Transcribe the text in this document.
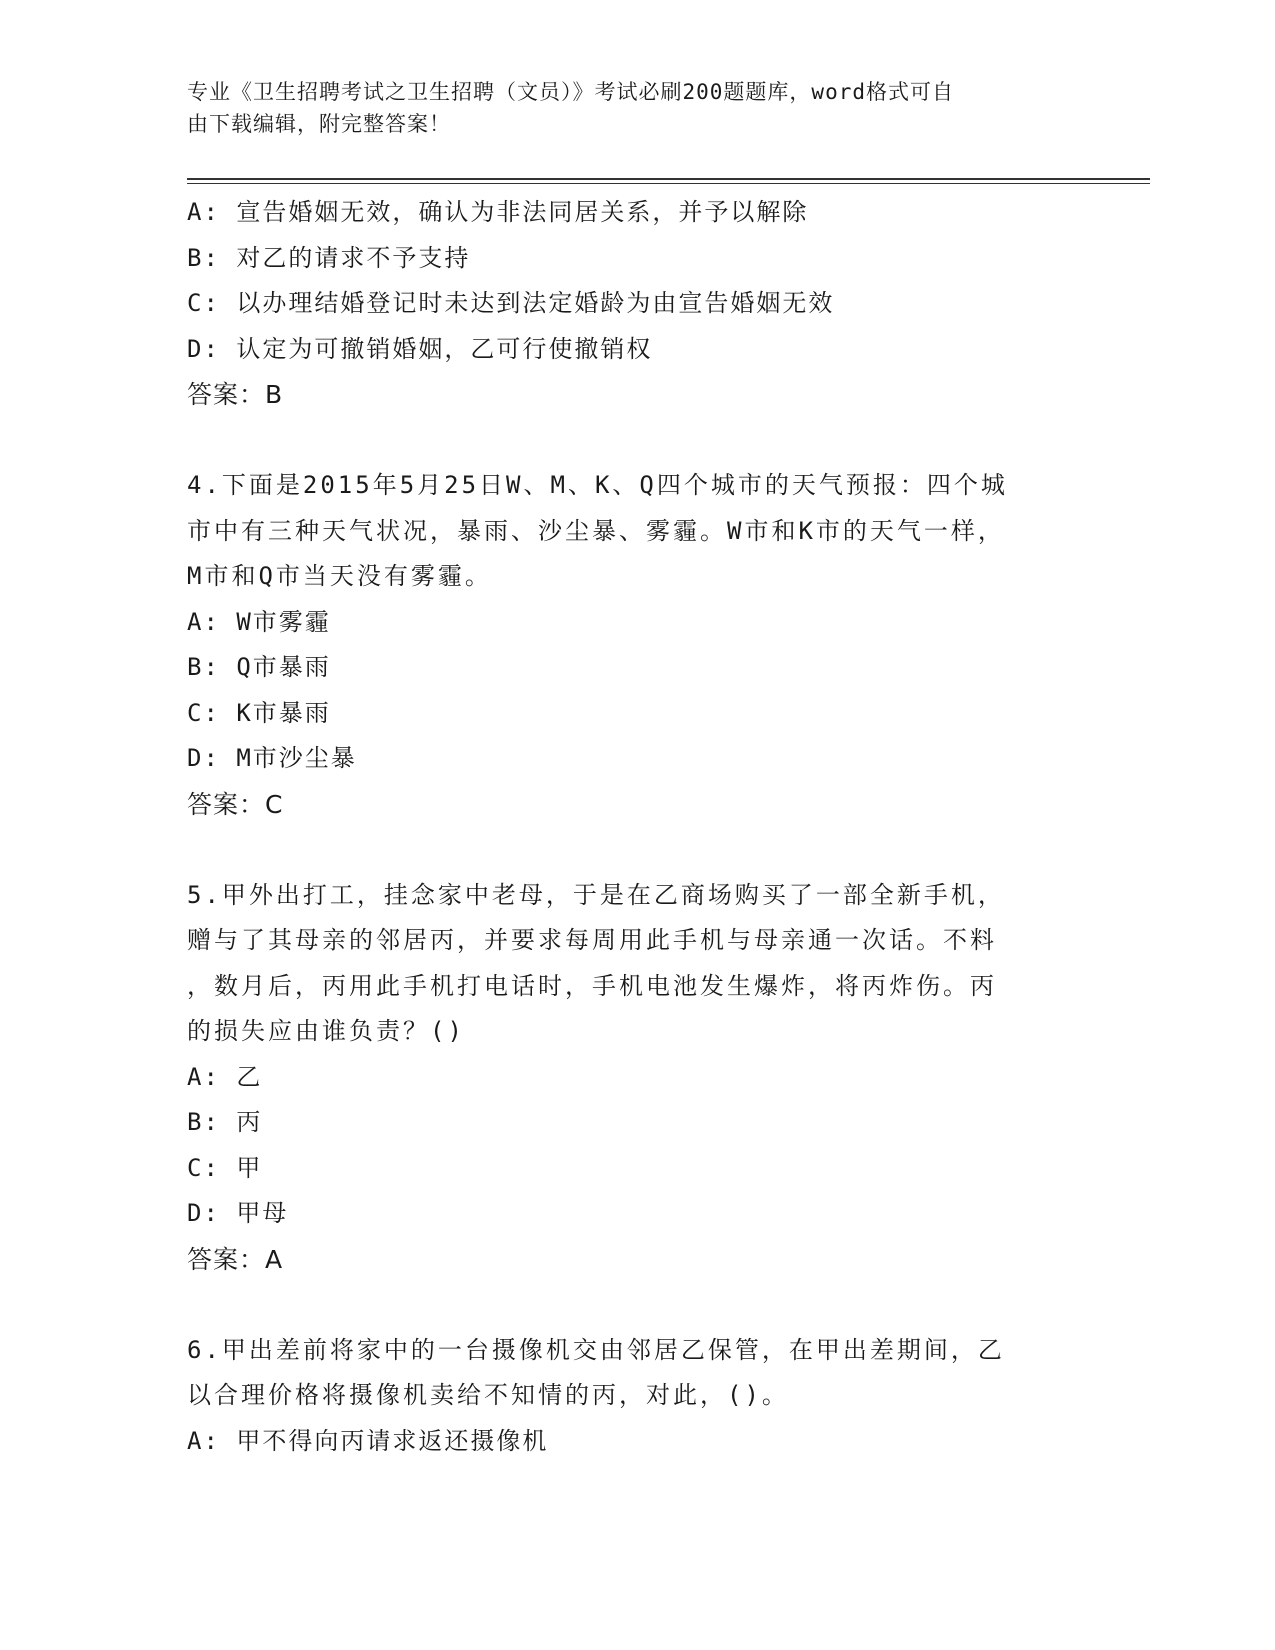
专业《卫生招聘考试之卫生招聘（文员）》考试必刷200题题库，word格式可自
由下载编辑，附完整答案！
A: 宣告婚姻无效，确认为非法同居关系，并予以解除
B: 对乙的请求不予支持
C: 以办理结婚登记时未达到法定婚龄为由宣告婚姻无效
D: 认定为可撤销婚姻，乙可行使撤销权
答案：B
4.下面是2015年5月25日W、M、K、Q四个城市的天气预报：四个城
市中有三种天气状况，暴雨、沙尘暴、雾霾。W市和K市的天气一样，
M市和Q市当天没有雾霾。
A: W市雾霾
B: Q市暴雨
C: K市暴雨
D: M市沙尘暴
答案：C
5.甲外出打工，挂念家中老母，于是在乙商场购买了一部全新手机，
赠与了其母亲的邻居丙，并要求每周用此手机与母亲通一次话。不料
，数月后，丙用此手机打电话时，手机电池发生爆炸，将丙炸伤。丙
的损失应由谁负责？()
A: 乙
B: 丙
C: 甲
D: 甲母
答案：A
6.甲出差前将家中的一台摄像机交由邻居乙保管，在甲出差期间，乙
以合理价格将摄像机卖给不知情的丙，对此，()。
A: 甲不得向丙请求返还摄像机
